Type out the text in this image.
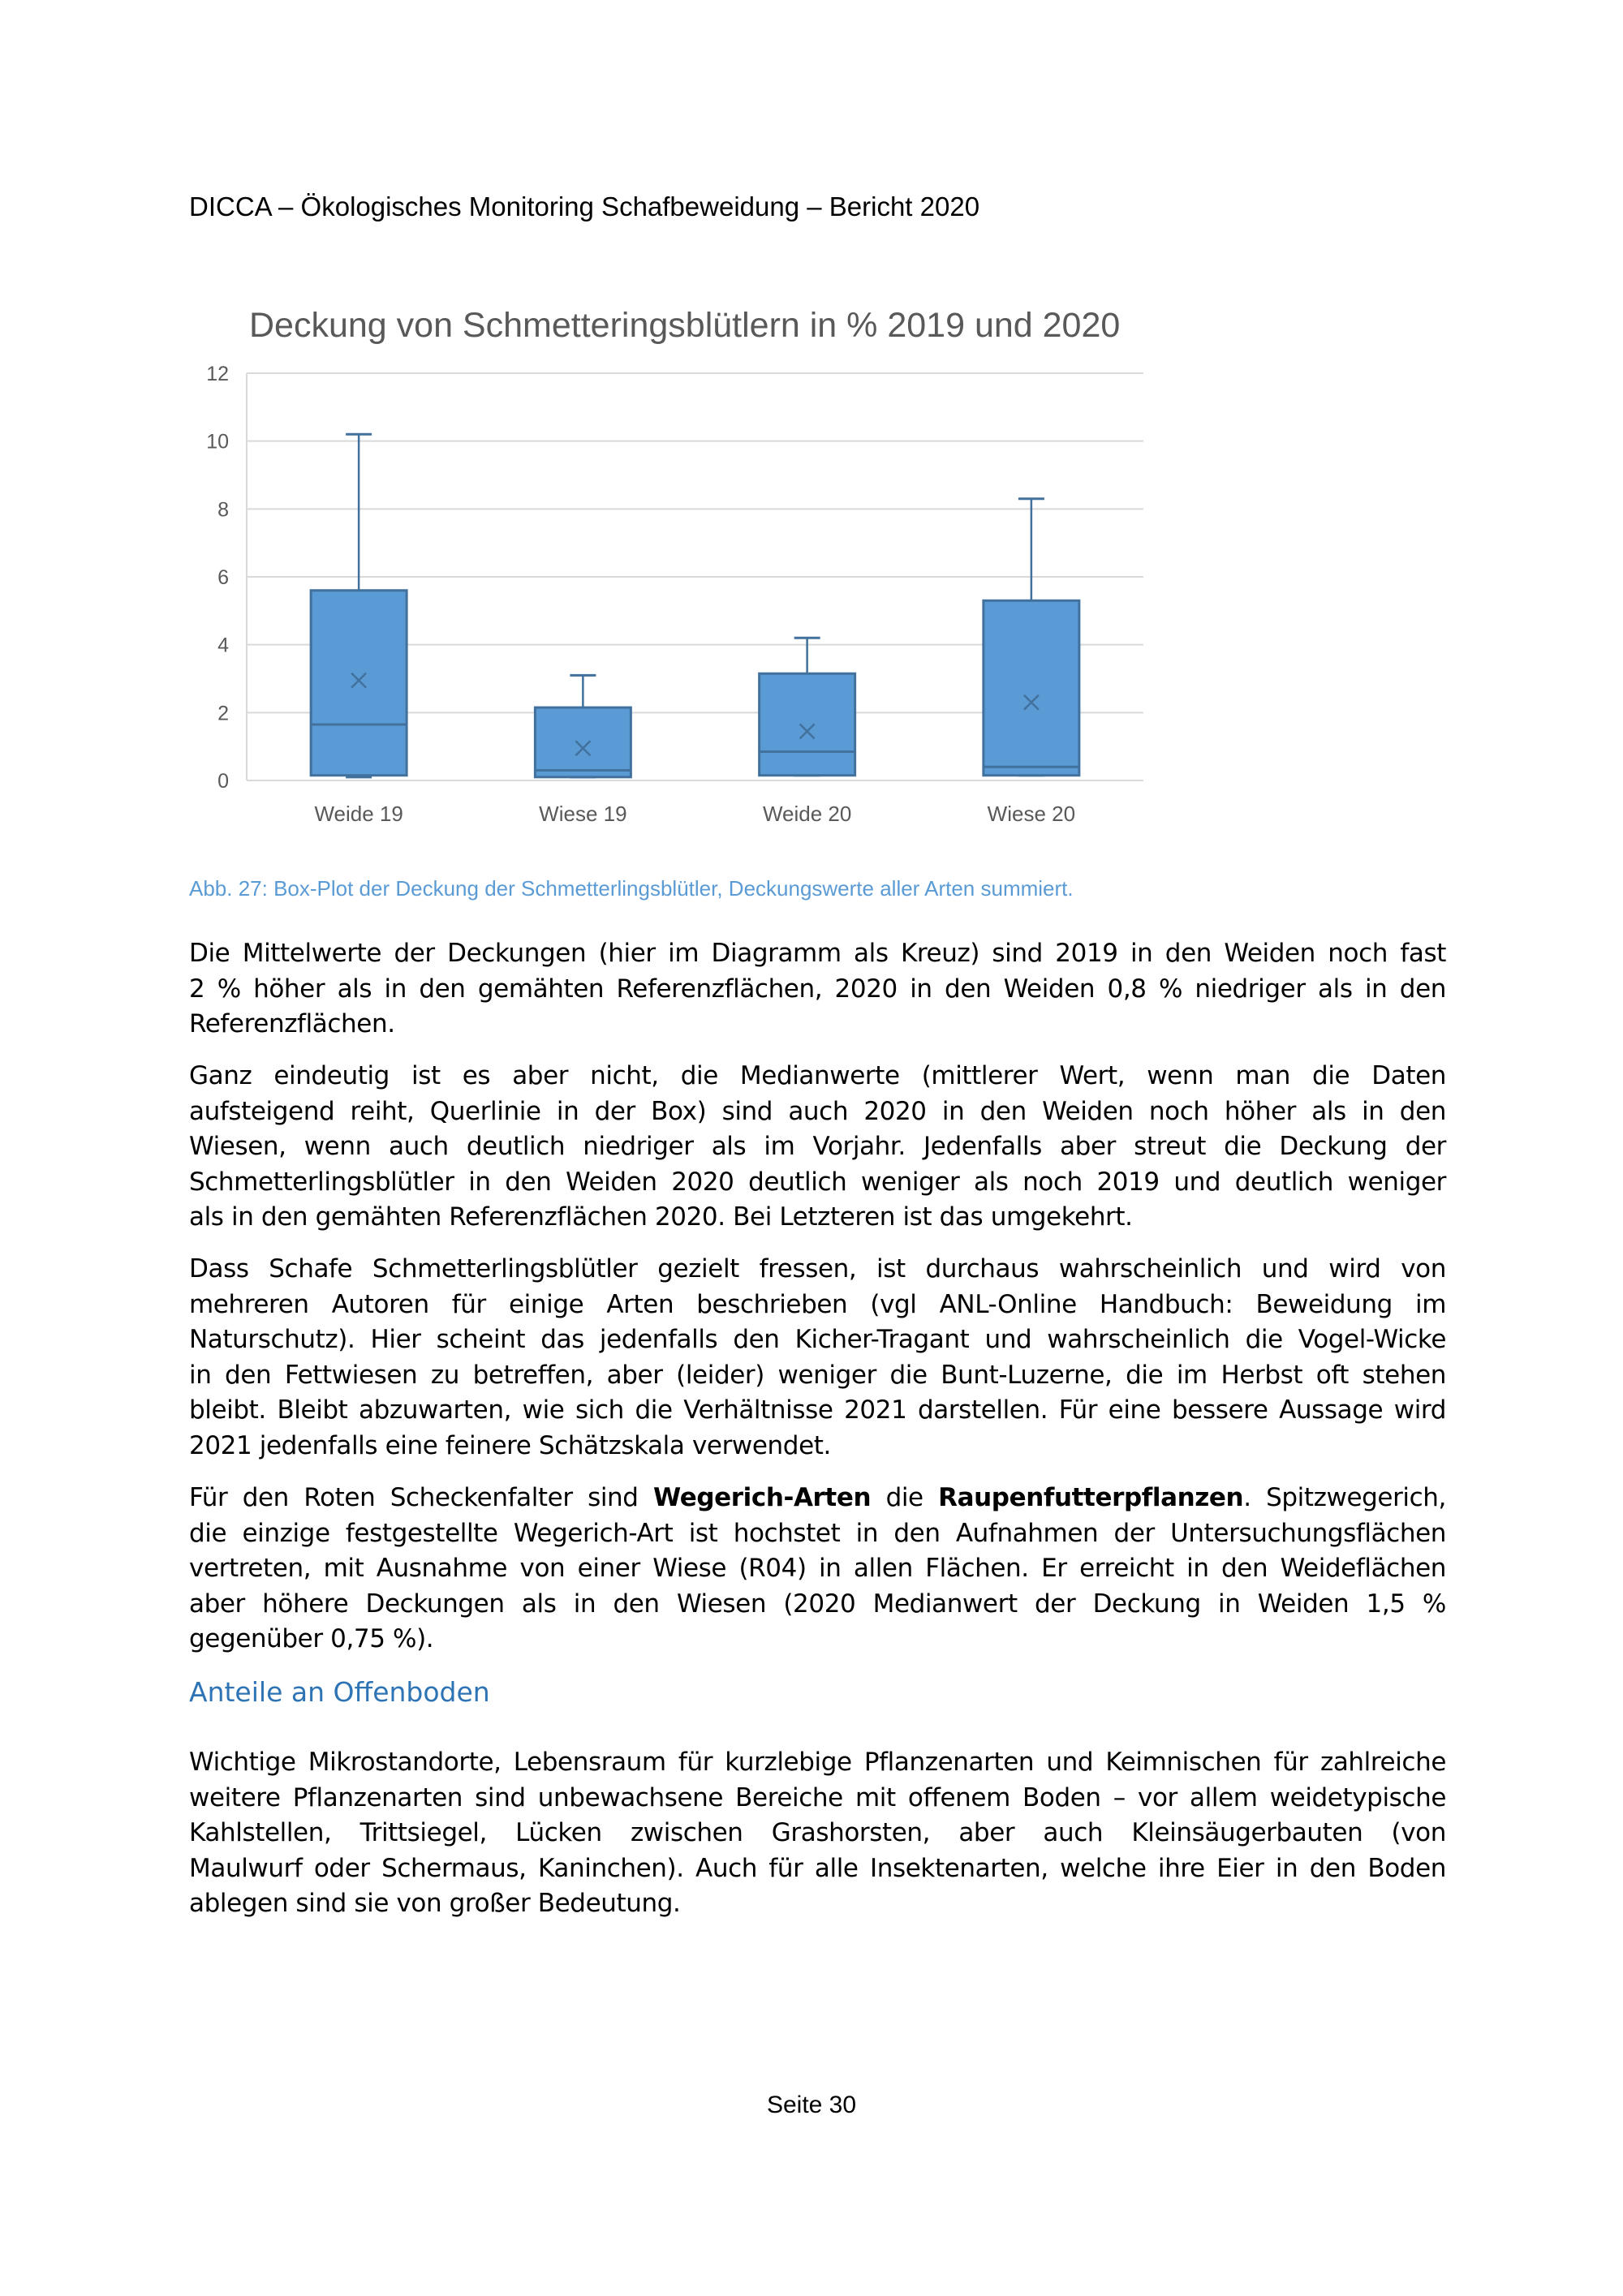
DICCA – Ökologisches Monitoring Schafbeweidung – Bericht 2020
Deckung von Schmetteringsblütlern in % 2019 und 2020
0
2
4
6
8
10
12
Weide 19	Wiese 19	Weide 20	Wiese 20
Abb. 27: Box-Plot der Deckung der Schmetterlingsblütler, Deckungswerte aller Arten summiert.
Die Mittelwerte der Deckungen (hier im Diagramm als Kreuz) sind 2019 in den Weiden noch fast
2 % höher als in den gemähten Referenzflächen, 2020 in den Weiden 0,8 % niedriger als in den
Referenzflächen.
Ganz eindeutig ist es aber nicht, die Medianwerte (mittlerer Wert, wenn man die Daten
aufsteigend reiht, Querlinie in der Box) sind auch 2020 in den Weiden noch höher als in den
Wiesen, wenn auch deutlich niedriger als im Vorjahr. Jedenfalls aber streut die Deckung der
Schmetterlingsblütler in den Weiden 2020 deutlich weniger als noch 2019 und deutlich weniger
als in den gemähten Referenzflächen 2020. Bei Letzteren ist das umgekehrt.
Dass Schafe Schmetterlingsblütler gezielt fressen, ist durchaus wahrscheinlich und wird von
mehreren Autoren für einige Arten beschrieben (vgl ANL-Online Handbuch: Beweidung im
Naturschutz). Hier scheint das jedenfalls den Kicher-Tragant und wahrscheinlich die Vogel-Wicke
in den Fettwiesen zu betreffen, aber (leider) weniger die Bunt-Luzerne, die im Herbst oft stehen
bleibt. Bleibt abzuwarten, wie sich die Verhältnisse 2021 darstellen. Für eine bessere Aussage wird
2021 jedenfalls eine feinere Schätzskala verwendet.
Für den Roten Scheckenfalter sind Wegerich-Arten die Raupenfutterpflanzen. Spitzwegerich,
die einzige festgestellte Wegerich-Art ist hochstet in den Aufnahmen der Untersuchungsflächen
vertreten, mit Ausnahme von einer Wiese (R04) in allen Flächen. Er erreicht in den Weideflächen
aber höhere Deckungen als in den Wiesen (2020 Medianwert der Deckung in Weiden 1,5 %
gegenüber 0,75 %).
Anteile an Offenboden
Wichtige Mikrostandorte, Lebensraum für kurzlebige Pflanzenarten und Keimnischen für zahlreiche
weitere Pflanzenarten sind unbewachsene Bereiche mit offenem Boden – vor allem weidetypische
Kahlstellen, Trittsiegel, Lücken zwischen Grashorsten, aber auch Kleinsäugerbauten (von
Maulwurf oder Schermaus, Kaninchen). Auch für alle Insektenarten, welche ihre Eier in den Boden
ablegen sind sie von großer Bedeutung.
Seite 30
